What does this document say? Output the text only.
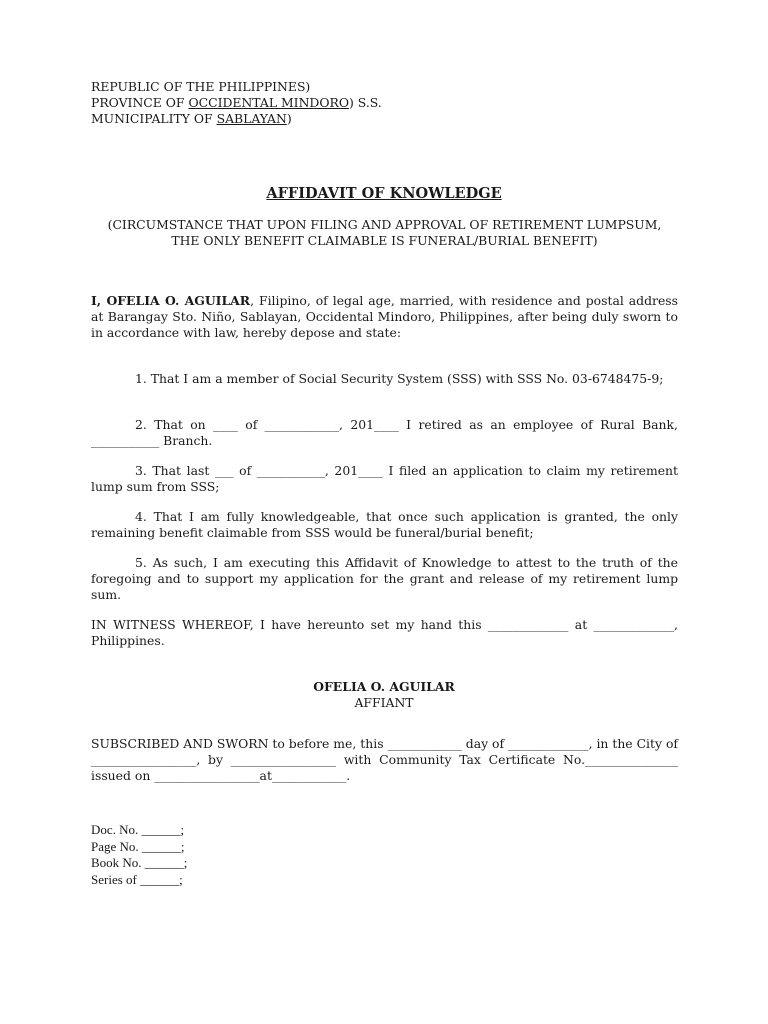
REPUBLIC OF THE PHILIPPINES)
PROVINCE OF OCCIDENTAL MINDORO) S.S.
MUNICIPALITY OF SABLAYAN)
AFFIDAVIT OF KNOWLEDGE
(CIRCUMSTANCE THAT UPON FILING AND APPROVAL OF RETIREMENT LUMPSUM,
THE ONLY BENEFIT CLAIMABLE IS FUNERAL/BURIAL BENEFIT)
I, OFELIA O. AGUILAR, Filipino, of legal age, married, with residence and postal address at Barangay Sto. Niño, Sablayan, Occidental Mindoro, Philippines, after being duly sworn to in accordance with law, hereby depose and state:
1. That I am a member of Social Security System (SSS) with SSS No. 03-6748475-9;
2. That on ____ of ____________, 201____ I retired as an employee of Rural Bank, ___________ Branch.
3. That last ___ of ___________, 201____ I filed an application to claim my retirement lump sum from SSS;
4. That I am fully knowledgeable, that once such application is granted, the only remaining benefit claimable from SSS would be funeral/burial benefit;
5. As such, I am executing this Affidavit of Knowledge to attest to the truth of the foregoing and to support my application for the grant and release of my retirement lump sum.
IN WITNESS WHEREOF, I have hereunto set my hand this _____________ at _____________, Philippines.
OFELIA O. AGUILAR
AFFIANT
SUBSCRIBED AND SWORN to before me, this ____________ day of _____________, in the City of _________________, by _________________ with Community Tax Certificate No._______________ issued on _________________at____________.
Doc. No. ______;
Page No. ______;
Book No. ______;
Series of ______;
